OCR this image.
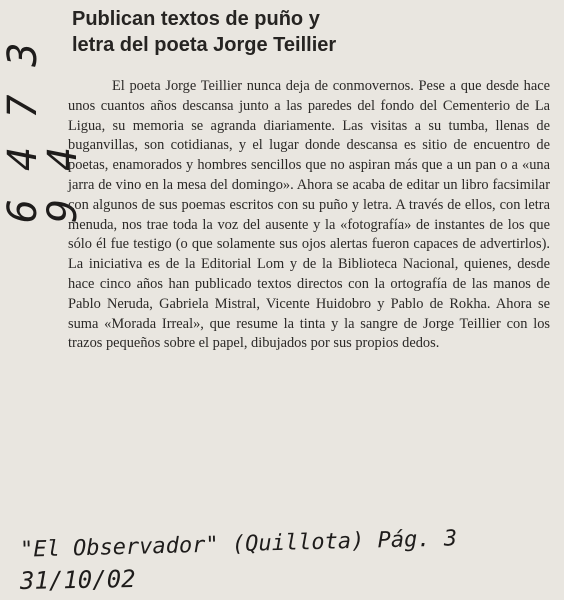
6 4 7 3 9 4
Publican textos de puño y
letra del poeta Jorge Teillier

El poeta Jorge Teillier nunca deja de conmovernos. Pese a que desde hace unos cuantos años descansa junto a las paredes del fondo del Cementerio de La Ligua, su memoria se agranda diariamente. Las visitas a su tumba, llenas de buganvillas, son cotidianas, y el lugar donde descansa es sitio de encuentro de poetas, enamorados y hombres sencillos que no aspiran más que a un pan o a «una jarra de vino en la mesa del domingo». Ahora se acaba de editar un libro facsimilar con algunos de sus poemas escritos con su puño y letra. A través de ellos, con letra menuda, nos trae toda la voz del ausente y la «fotografía» de instantes de los que sólo él fue testigo (o que solamente sus ojos alertas fueron capaces de advertirlos). La iniciativa es de la Editorial Lom y de la Biblioteca Nacional, quienes, desde hace cinco años han publicado textos directos con la ortografía de las manos de Pablo Neruda, Gabriela Mistral, Vicente Huidobro y Pablo de Rokha. Ahora se suma «Morada Irreal», que resume la tinta y la sangre de Jorge Teillier con los trazos pequeños sobre el papel, dibujados por sus propios dedos.

"El Observador" (Quillota) Pág. 3
31/10/02
